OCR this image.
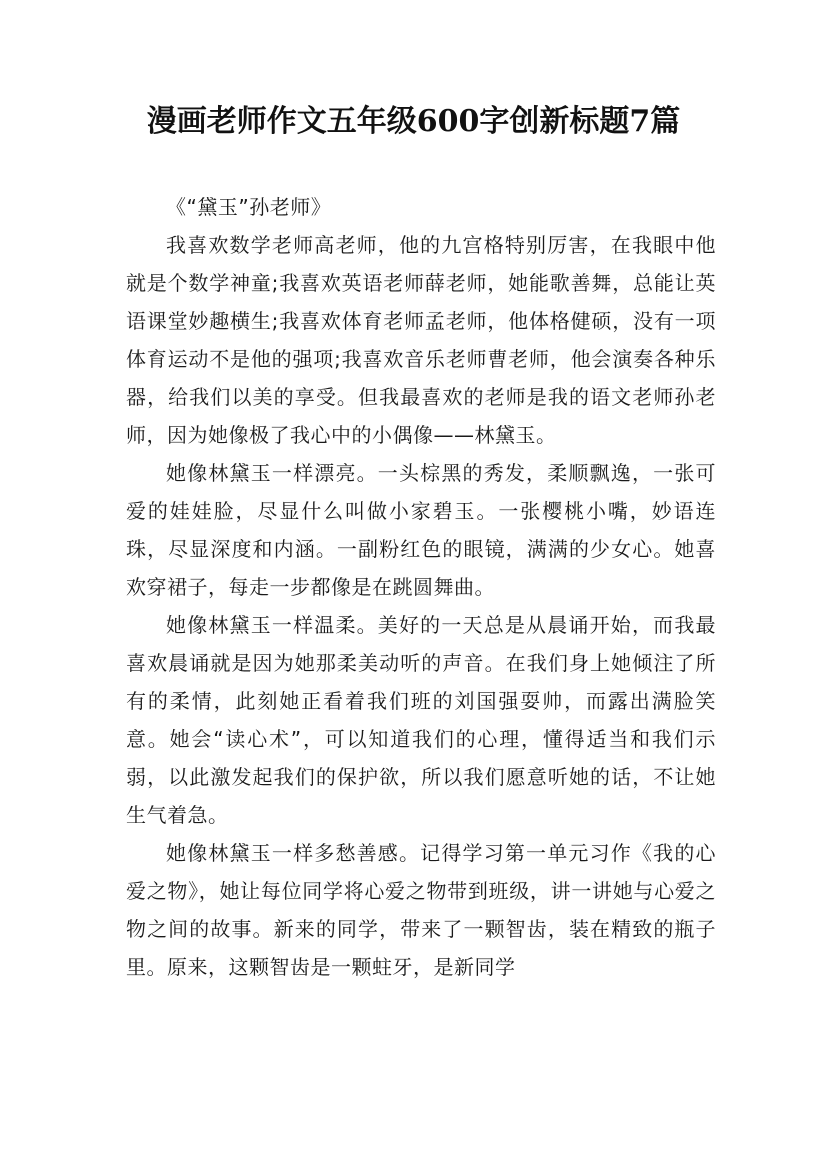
漫画老师作文五年级600字创新标题7篇

《“黛玉”孙老师》

我喜欢数学老师高老师，他的九宫格特别厉害，在我眼中他就是个数学神童;我喜欢英语老师薛老师，她能歌善舞，总能让英语课堂妙趣横生;我喜欢体育老师孟老师，他体格健硕，没有一项体育运动不是他的强项;我喜欢音乐老师曹老师，他会演奏各种乐器，给我们以美的享受。但我最喜欢的老师是我的语文老师孙老师，因为她像极了我心中的小偶像——林黛玉。

她像林黛玉一样漂亮。一头棕黑的秀发，柔顺飘逸，一张可爱的娃娃脸，尽显什么叫做小家碧玉。一张樱桃小嘴，妙语连珠，尽显深度和内涵。一副粉红色的眼镜，满满的少女心。她喜欢穿裙子，每走一步都像是在跳圆舞曲。

她像林黛玉一样温柔。美好的一天总是从晨诵开始，而我最喜欢晨诵就是因为她那柔美动听的声音。在我们身上她倾注了所有的柔情，此刻她正看着我们班的刘国强耍帅，而露出满脸笑意。她会“读心术”，可以知道我们的心理，懂得适当和我们示弱，以此激发起我们的保护欲，所以我们愿意听她的话，不让她生气着急。

她像林黛玉一样多愁善感。记得学习第一单元习作《我的心爱之物》，她让每位同学将心爱之物带到班级，讲一讲她与心爱之物之间的故事。新来的同学，带来了一颗智齿，装在精致的瓶子里。原来，这颗智齿是一颗蛀牙，是新同学
